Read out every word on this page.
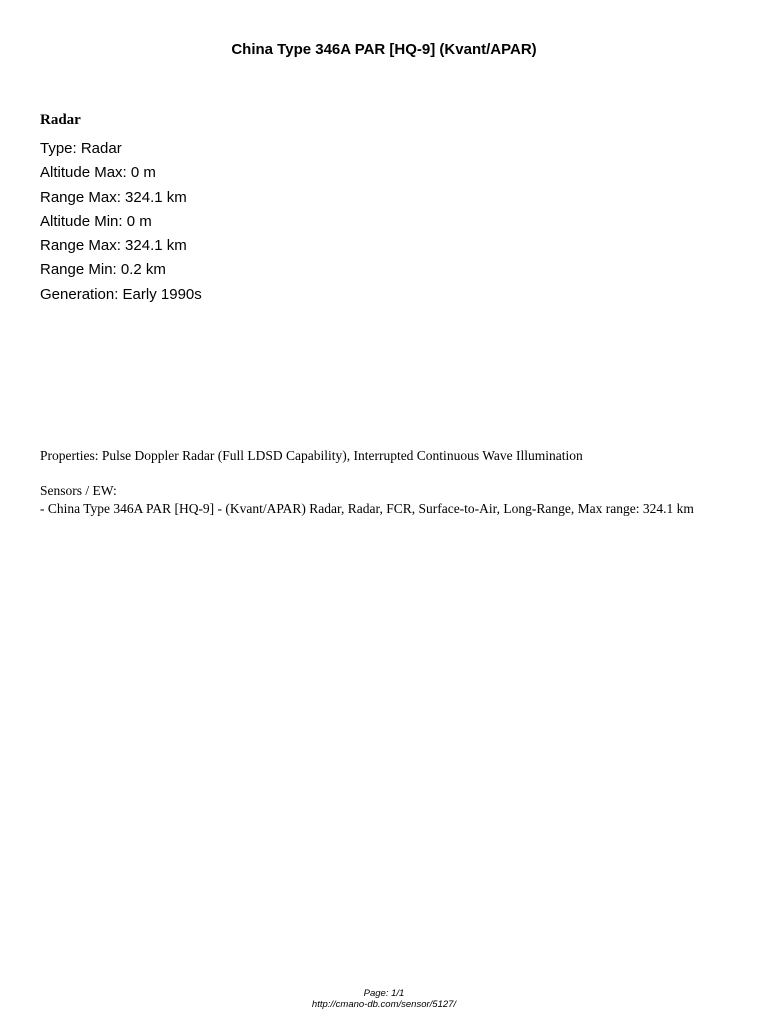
China Type 346A PAR [HQ-9] (Kvant/APAR)
Radar
Type: Radar
Altitude Max: 0 m
Range Max: 324.1 km
Altitude Min: 0 m
Range Max: 324.1 km
Range Min: 0.2 km
Generation: Early 1990s
Properties: Pulse Doppler Radar (Full LDSD Capability), Interrupted Continuous Wave Illumination
Sensors / EW:
- China Type 346A PAR [HQ-9] - (Kvant/APAR) Radar, Radar, FCR, Surface-to-Air, Long-Range, Max range: 324.1 km
Page: 1/1
http://cmano-db.com/sensor/5127/
